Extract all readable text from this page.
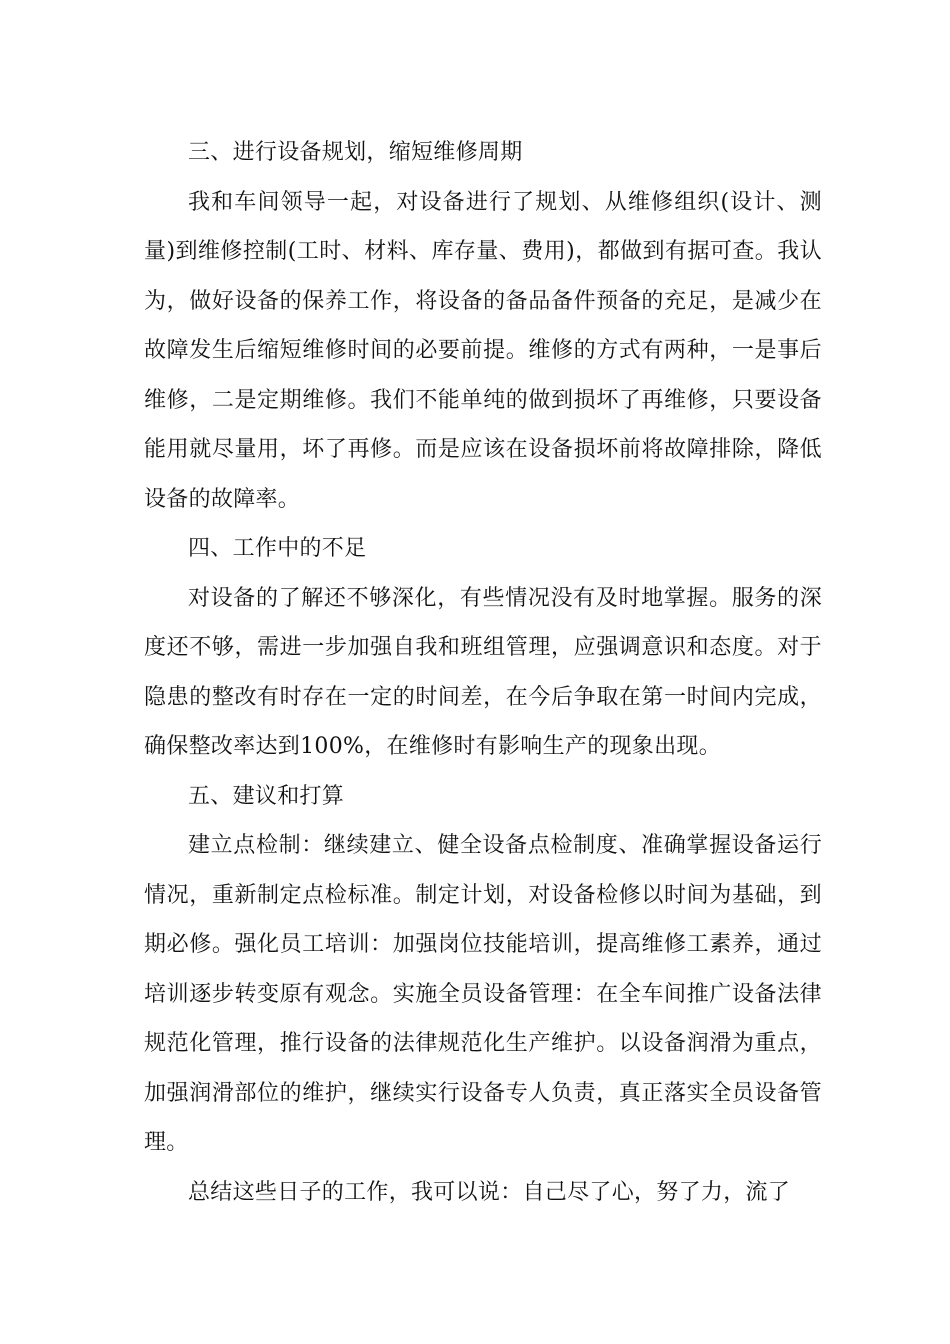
三、进行设备规划，缩短维修周期

我和车间领导一起，对设备进行了规划、从维修组织(设计、测量)到维修控制(工时、材料、库存量、费用)，都做到有据可查。我认为，做好设备的保养工作，将设备的备品备件预备的充足，是减少在故障发生后缩短维修时间的必要前提。维修的方式有两种，一是事后维修，二是定期维修。我们不能单纯的做到损坏了再维修，只要设备能用就尽量用，坏了再修。而是应该在设备损坏前将故障排除，降低设备的故障率。

四、工作中的不足

对设备的了解还不够深化，有些情况没有及时地掌握。服务的深度还不够，需进一步加强自我和班组管理，应强调意识和态度。对于隐患的整改有时存在一定的时间差，在今后争取在第一时间内完成，确保整改率达到100%，在维修时有影响生产的现象出现。

五、建议和打算

建立点检制：继续建立、健全设备点检制度、准确掌握设备运行情况，重新制定点检标准。制定计划，对设备检修以时间为基础，到期必修。强化员工培训：加强岗位技能培训，提高维修工素养，通过培训逐步转变原有观念。实施全员设备管理：在全车间推广设备法律规范化管理，推行设备的法律规范化生产维护。以设备润滑为重点，加强润滑部位的维护，继续实行设备专人负责，真正落实全员设备管理。

总结这些日子的工作，我可以说：自己尽了心，努了力，流了
